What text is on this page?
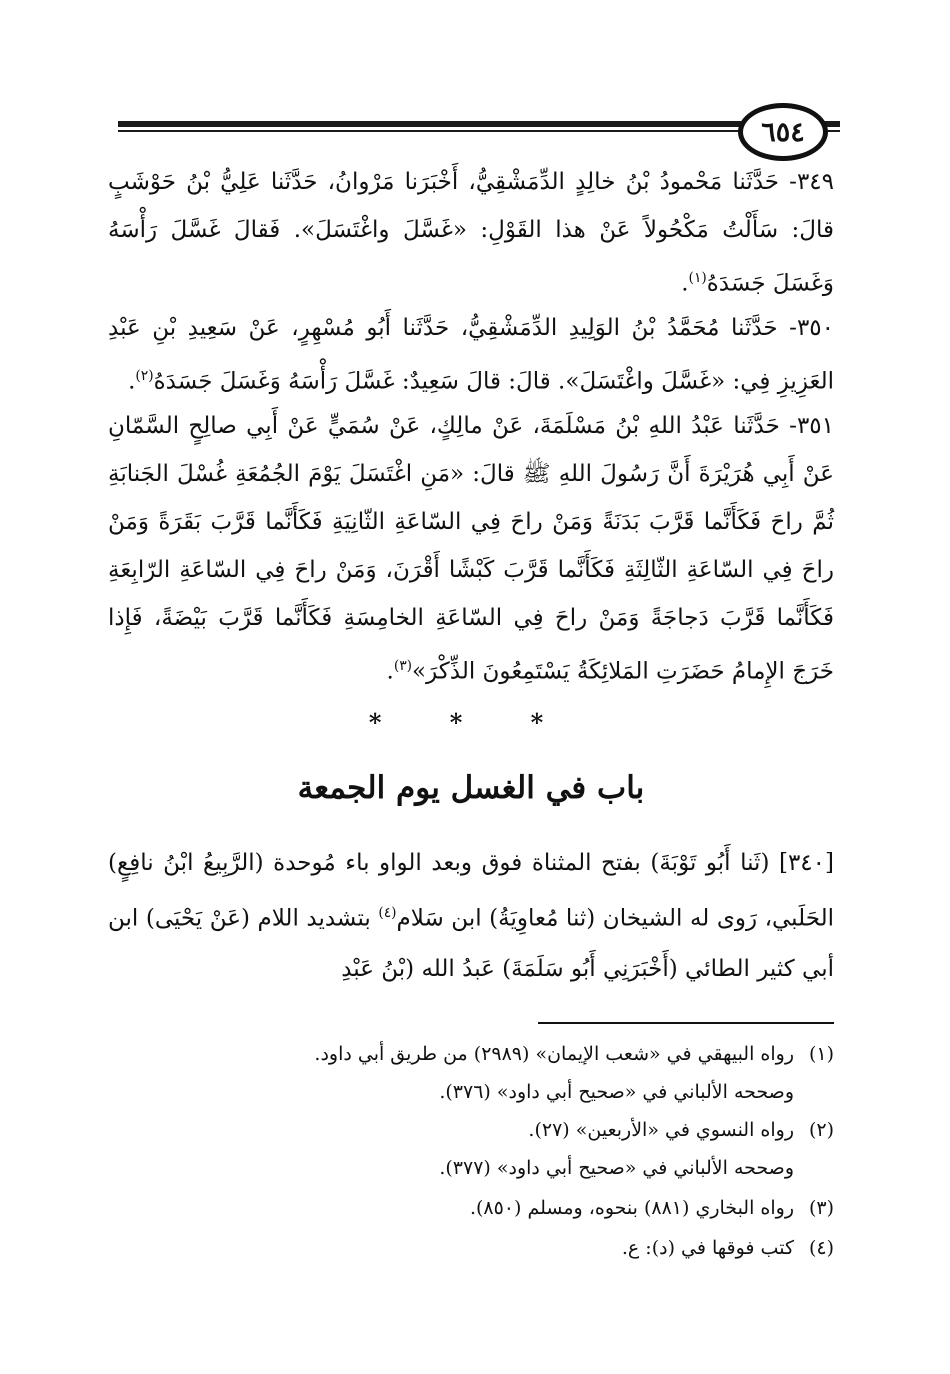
٦٥٤
٣٤٩- حَدَّثَنا مَحْمودُ بْنُ خالِدٍ الدِّمَشْقِيُّ، أَخْبَرَنا مَرْوانُ، حَدَّثَنا عَلِيُّ بْنُ حَوْشَبٍ قالَ: سَأَلْتُ مَكْحُولاً عَنْ هذا القَوْلِ: «غَسَّلَ واغْتَسَلَ». فَقالَ غَسَّلَ رَأْسَهُ وَغَسَلَ جَسَدَهُ$^{(١)}$.
٣٥٠- حَدَّثَنا مُحَمَّدُ بْنُ الوَلِيدِ الدِّمَشْقِيُّ، حَدَّثَنا أَبُو مُسْهِرٍ، عَنْ سَعِيدِ بْنِ عَبْدِ العَزِيزِ فِي: «غَسَّلَ واغْتَسَلَ». قالَ: قالَ سَعِيدٌ: غَسَّلَ رَأْسَهُ وَغَسَلَ جَسَدَهُ$^{(٢)}$.
٣٥١- حَدَّثَنا عَبْدُ اللهِ بْنُ مَسْلَمَةَ، عَنْ مالِكٍ، عَنْ سُمَيٍّ عَنْ أَبِي صالِحٍ السَّمّانِ عَنْ أَبِي هُرَيْرَةَ أَنَّ رَسُولَ اللهِ ﷺ قالَ: «مَنِ اغْتَسَلَ يَوْمَ الجُمُعَةِ غُسْلَ الجَنابَةِ ثُمَّ راحَ فَكَأَنَّما قَرَّبَ بَدَنَةً وَمَنْ راحَ فِي السّاعَةِ الثّانِيَةِ فَكَأَنَّما قَرَّبَ بَقَرَةً وَمَنْ راحَ فِي السّاعَةِ الثّالِثَةِ فَكَأَنَّما قَرَّبَ كَبْشًا أَقْرَنَ، وَمَنْ راحَ فِي السّاعَةِ الرّابِعَةِ فَكَأَنَّما قَرَّبَ دَجاجَةً وَمَنْ راحَ فِي السّاعَةِ الخامِسَةِ فَكَأَنَّما قَرَّبَ بَيْضَةً، فَإِذا خَرَجَ الإِمامُ حَضَرَتِ المَلائِكَةُ يَسْتَمِعُونَ الذِّكْرَ»$^{(٣)}$.
* * *
باب في الغسل يوم الجمعة
[٣٤٠] (ثَنا أَبُو تَوْبَةَ) بفتح المثناة فوق وبعد الواو باء مُوحدة (الرَّبِيعُ ابْنُ نافِعٍ) الحَلَبي، رَوى له الشيخان (ثنا مُعاوِيَةُ) ابن سَلام$^{(٤)}$ بتشديد اللام (عَنْ يَحْيَى) ابن أبي كثير الطائي (أَخْبَرَنِي أَبُو سَلَمَةَ) عَبدُ الله (بْنُ عَبْدِ
(١)رواه البيهقي في «شعب الإيمان» (٢٩٨٩) من طريق أبي داود.
وصححه الألباني في «صحيح أبي داود» (٣٧٦).
(٢)رواه النسوي في «الأربعين» (٢٧).
وصححه الألباني في «صحيح أبي داود» (٣٧٧).
(٣)رواه البخاري (٨٨١) بنحوه، ومسلم (٨٥٠).
(٤)كتب فوقها في (د): ع.
